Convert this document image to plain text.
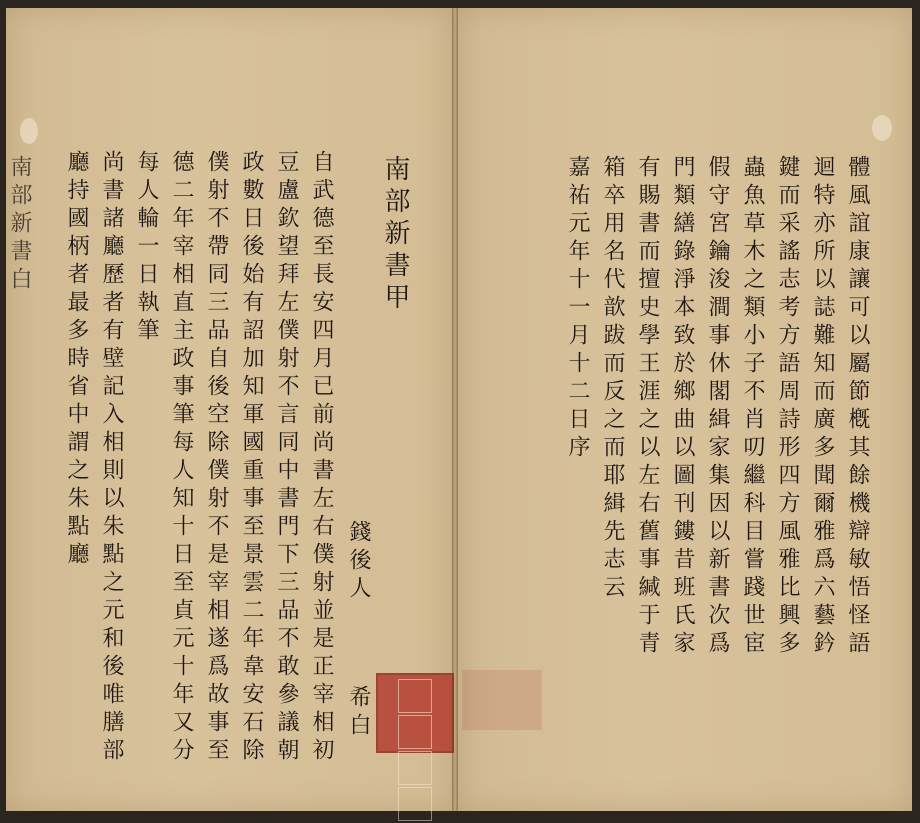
體風誼康讓可以屬節槪其餘機辯敏悟怪語
迴特亦所以誌難知而廣多聞爾雅爲六藝鈐
鍵而采謠志考方語周詩形四方風雅比興多
蟲魚草木之類小子不肖叨繼科目嘗踐世宦
假守宮鑰浚澗事休閣緝家集因以新書次爲
門類繕錄淨本致於鄉曲以圖刊鏤昔班氏家
有賜書而擅史學王涯之以左右舊事緘于青
箱卒用名代歆跋而反之而耶緝先志云
嘉祐元年十一月十二日序
南部新書甲
錢後人
希白
自武德至長安四月已前尚書左右僕射並是正宰相初
豆盧欽望拜左僕射不言同中書門下三品不敢參議朝
政數日後始有詔加知軍國重事至景雲二年韋安石除
僕射不帶同三品自後空除僕射不是宰相遂爲故事至
德二年宰相直主政事筆每人知十日至貞元十年又分
每人輪一日執筆
尚書諸廳歷者有壁記入相則以朱點之元和後唯膳部
廳持國柄者最多時省中謂之朱點廳
南部新書白
